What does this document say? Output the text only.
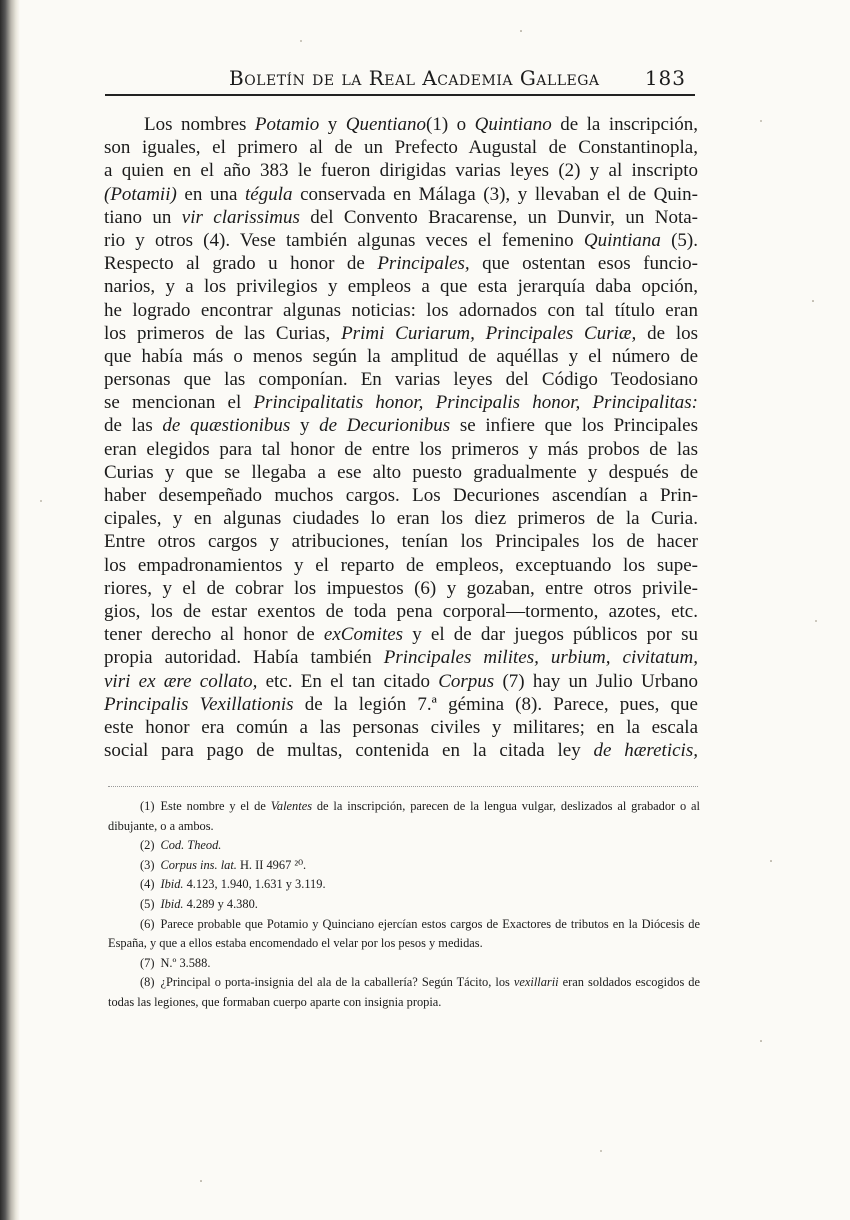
Boletín de la Real Academia Gallega 183
Los nombres Potamio y Quentiano(1) o Quintiano de la inscripción,
son iguales, el primero al de un Prefecto Augustal de Constantinopla,
a quien en el año 383 le fueron dirigidas varias leyes (2) y al inscripto
(Potamii) en una tégula conservada en Málaga (3), y llevaban el de Quin-
tiano un vir clarissimus del Convento Bracarense, un Dunvir, un Nota-
rio y otros (4). Vese también algunas veces el femenino Quintiana (5).
Respecto al grado u honor de Principales, que ostentan esos funcio-
narios, y a los privilegios y empleos a que esta jerarquía daba opción,
he logrado encontrar algunas noticias: los adornados con tal título eran
los primeros de las Curias, Primi Curiarum, Principales Curiæ, de los
que había más o menos según la amplitud de aquéllas y el número de
personas que las componían. En varias leyes del Código Teodosiano
se mencionan el Principalitatis honor, Principalis honor, Principalitas:
de las de quæstionibus y de Decurionibus se infiere que los Principales
eran elegidos para tal honor de entre los primeros y más probos de las
Curias y que se llegaba a ese alto puesto gradualmente y después de
haber desempeñado muchos cargos. Los Decuriones ascendían a Prin-
cipales, y en algunas ciudades lo eran los diez primeros de la Curia.
Entre otros cargos y atribuciones, tenían los Principales los de hacer
los empadronamientos y el reparto de empleos, exceptuando los supe-
riores, y el de cobrar los impuestos (6) y gozaban, entre otros privile-
gios, los de estar exentos de toda pena corporal—tormento, azotes, etc.
tener derecho al honor de exComites y el de dar juegos públicos por su
propia autoridad. Había también Principales milites, urbium, civitatum,
viri ex ære collato, etc. En el tan citado Corpus (7) hay un Julio Urbano
Principalis Vexillationis de la legión 7.ª gémina (8). Parece, pues, que
este honor era común a las personas civiles y militares; en la escala
social para pago de multas, contenida en la citada ley de hæreticis,
(1) Este nombre y el de Valentes de la inscripción, parecen de la lengua vulgar, deslizados al grabador o al dibujante, o a ambos.
(2) Cod. Theod.
(3) Corpus ins. lat. H. II 4967 ²⁰.
(4) Ibid. 4.123, 1.940, 1.631 y 3.119.
(5) Ibid. 4.289 y 4.380.
(6) Parece probable que Potamio y Quinciano ejercían estos cargos de Exactores de tributos en la Diócesis de España, y que a ellos estaba encomendado el velar por los pesos y medidas.
(7) N.º 3.588.
(8) ¿Principal o porta-insignia del ala de la caballería? Según Tácito, los vexillarii eran soldados escogidos de todas las legiones, que formaban cuerpo aparte con insignia propia.
